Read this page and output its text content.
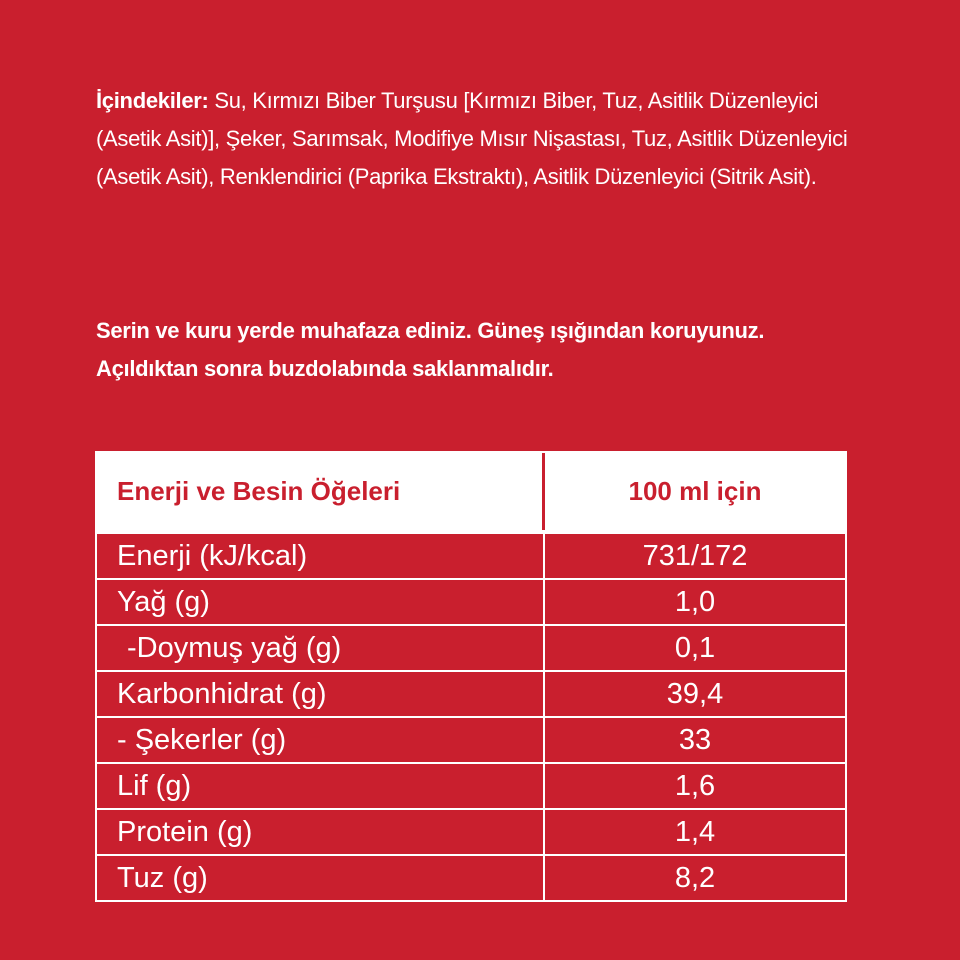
İçindekiler: Su, Kırmızı Biber Turşusu [Kırmızı Biber, Tuz, Asitlik Düzenleyici (Asetik Asit)], Şeker, Sarımsak, Modifiye Mısır Nişastası, Tuz, Asitlik Düzenleyici (Asetik Asit), Renklendirici (Paprika Ekstraktı), Asitlik Düzenleyici (Sitrik Asit).
Serin ve kuru yerde muhafaza ediniz. Güneş ışığından koruyunuz.
Açıldıktan sonra buzdolabında saklanmalıdır.
Enerji ve Besin Öğeleri	100 ml için
Enerji (kJ/kcal)	731/172
Yağ (g)	1,0
-Doymuş yağ (g)	0,1
Karbonhidrat (g)	39,4
- Şekerler (g)	33
Lif (g)	1,6
Protein (g)	1,4
Tuz (g)	8,2
